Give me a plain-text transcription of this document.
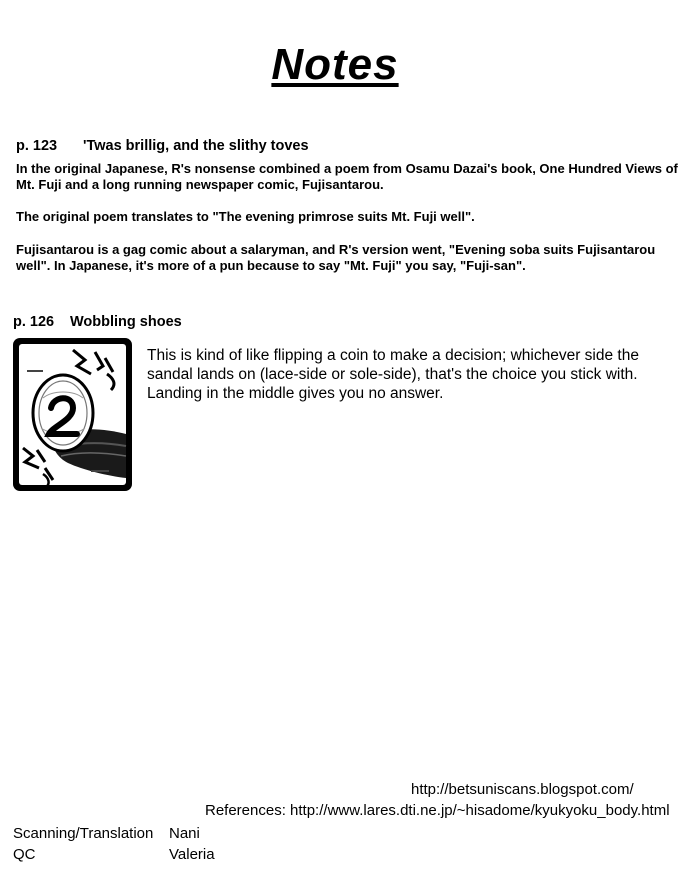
Notes
p. 123 'Twas brillig, and the slithy toves

In the original Japanese, R's nonsense combined a poem from Osamu Dazai's book, One Hundred Views of Mt. Fuji and a long running newspaper comic, Fujisantarou.

The original poem translates to "The evening primrose suits Mt. Fuji well".

Fujisantarou is a gag comic about a salaryman, and R's version went, "Evening soba suits Fujisantarou well". In Japanese, it's more of a pun because to say "Mt. Fuji" you say, "Fuji-san".

p. 126 Wobbling shoes

This is kind of like flipping a coin to make a decision; whichever side the sandal lands on (lace-side or sole-side), that's the choice you stick with. Landing in the middle gives you no answer.

http://betsuniscans.blogspot.com/
References: http://www.lares.dti.ne.jp/~hisadome/kyukyoku_body.html
Scanning/Translation Nani
QC	Valeria
